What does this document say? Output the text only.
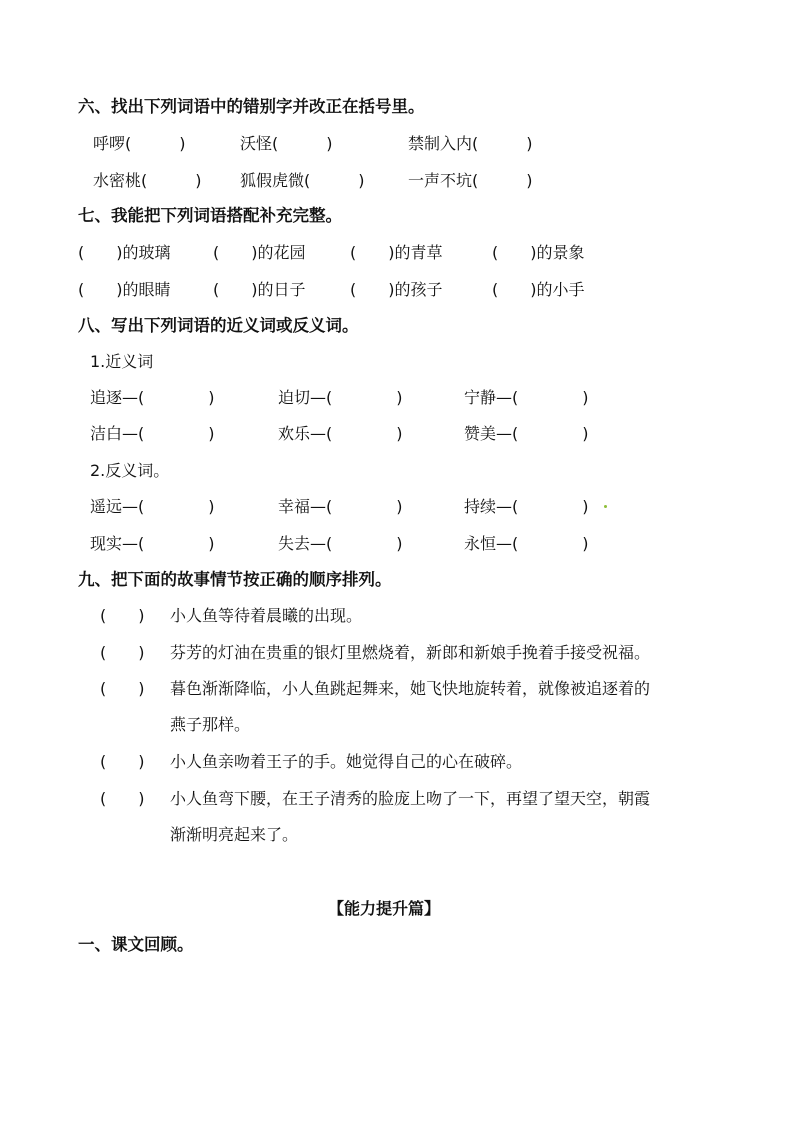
六、找出下列词语中的错别字并改正在括号里。
呼啰(　　　)	沃怪(　　　)	禁制入内(　　　)
水密桃(　　　) 狐假虎微(　　　)	一声不坑(　　　)
七、我能把下列词语搭配补充完整。
(　　)的玻璃	(　　)的花园	(　　)的青草	(　　)的景象
(　　)的眼睛	(　　)的日子	(　　)的孩子	(　　)的小手
八、写出下列词语的近义词或反义词。
1.近义词
追逐—(　　　　)	迫切—(　　　　)	宁静—(　　　　)
洁白—(　　　　)	欢乐—(　　　　)	赞美—(　　　　)
2.反义词。
遥远—(　　　　)	幸福—(　　　　)	持续—(　　　　)
现实—(　　　　)	失去—(　　　　)	永恒—(　　　　)
九、把下面的故事情节按正确的顺序排列。
(　　) 小人鱼等待着晨曦的出现。
(　　) 芬芳的灯油在贵重的银灯里燃烧着，新郎和新娘手挽着手接受祝福。
(　　) 暮色渐渐降临，小人鱼跳起舞来，她飞快地旋转着，就像被追逐着的
燕子那样。
(　　) 小人鱼亲吻着王子的手。她觉得自己的心在破碎。
(　　) 小人鱼弯下腰，在王子清秀的脸庞上吻了一下，再望了望天空，朝霞
渐渐明亮起来了。
【能力提升篇】
一、课文回顾。
